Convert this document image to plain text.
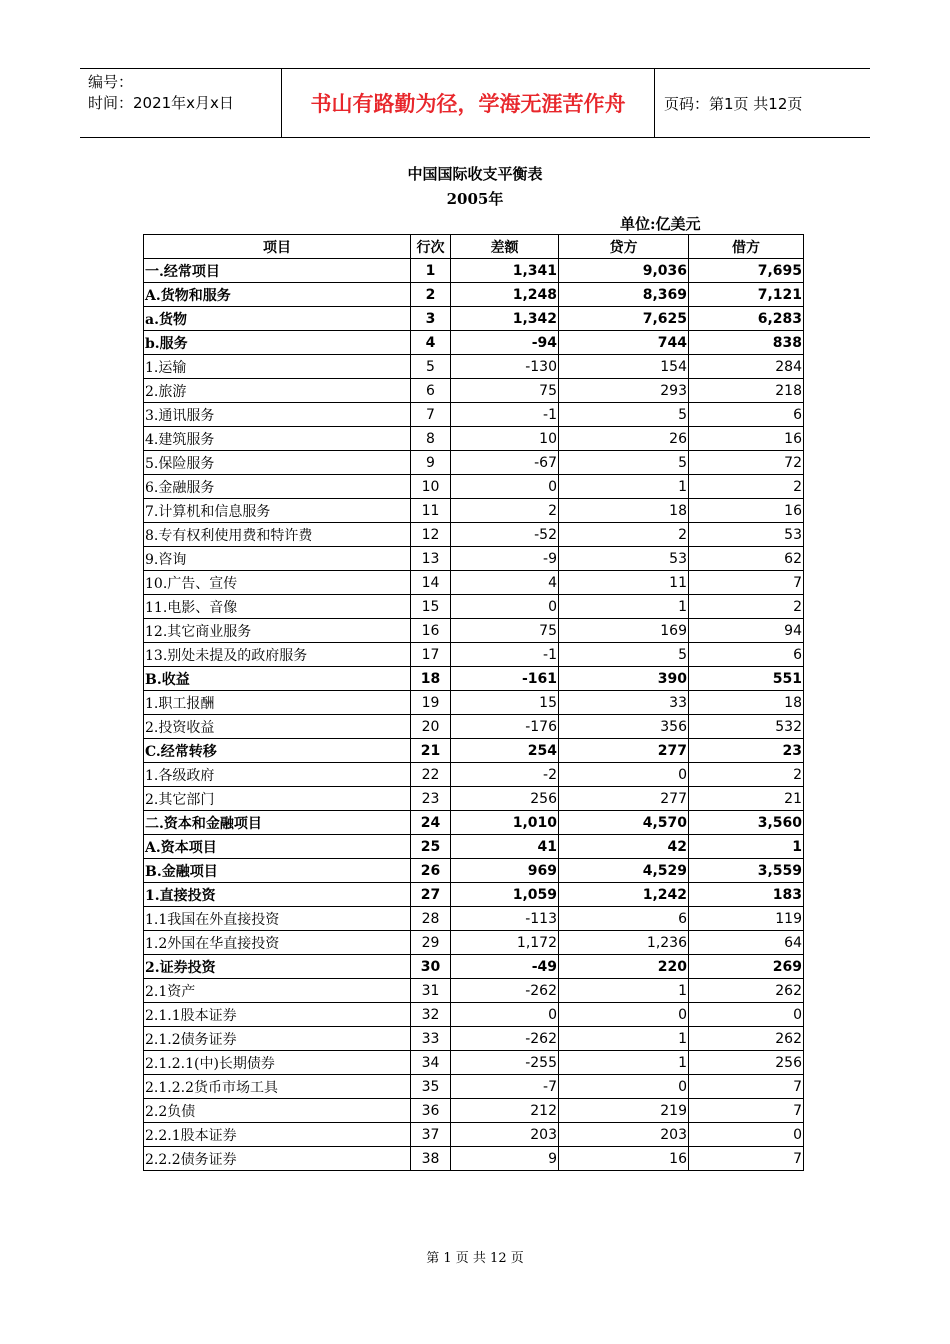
编号：
时间：2021年x月x日	书山有路勤为径，学海无涯苦作舟	页码：第1页 共12页
中国国际收支平衡表
2005年
单位:亿美元
项目	行次	差额	贷方	借方
一.经常项目	1	1,341	9,036	7,695
A.货物和服务	2	1,248	8,369	7,121
a.货物	3	1,342	7,625	6,283
b.服务	4	-94	744	838
1.运输	5	-130	154	284
2.旅游	6	75	293	218
3.通讯服务	7	-1	5	6
4.建筑服务	8	10	26	16
5.保险服务	9	-67	5	72
6.金融服务	10	0	1	2
7.计算机和信息服务	11	2	18	16
8.专有权利使用费和特许费	12	-52	2	53
9.咨询	13	-9	53	62
10.广告、宣传	14	4	11	7
11.电影、音像	15	0	1	2
12.其它商业服务	16	75	169	94
13.别处未提及的政府服务	17	-1	5	6
B.收益	18	-161	390	551
1.职工报酬	19	15	33	18
2.投资收益	20	-176	356	532
C.经常转移	21	254	277	23
1.各级政府	22	-2	0	2
2.其它部门	23	256	277	21
二.资本和金融项目	24	1,010	4,570	3,560
A.资本项目	25	41	42	1
B.金融项目	26	969	4,529	3,559
1.直接投资	27	1,059	1,242	183
1.1我国在外直接投资	28	-113	6	119
1.2外国在华直接投资	29	1,172	1,236	64
2.证券投资	30	-49	220	269
2.1资产	31	-262	1	262
2.1.1股本证券	32	0	0	0
2.1.2债务证券	33	-262	1	262
2.1.2.1(中)长期债券	34	-255	1	256
2.1.2.2货币市场工具	35	-7	0	7
2.2负债	36	212	219	7
2.2.1股本证券	37	203	203	0
2.2.2债务证券	38	9	16	7
第 1 页 共 12 页
